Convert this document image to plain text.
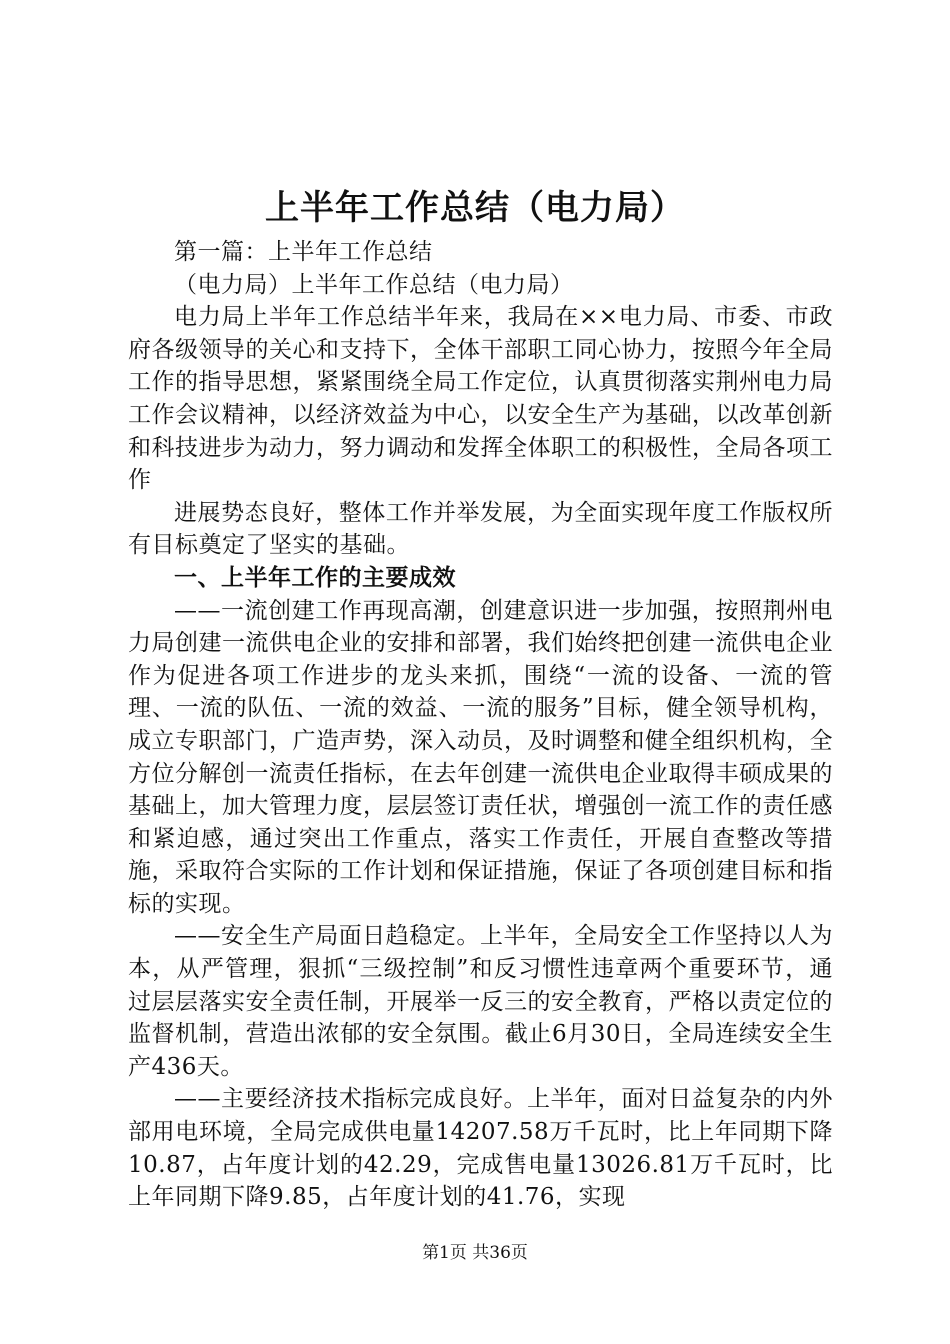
上半年工作总结（电力局）

第一篇：上半年工作总结

（电力局）上半年工作总结（电力局）

电力局上半年工作总结半年来，我局在××电力局、市委、市政府各级领导的关心和支持下，全体干部职工同心协力，按照今年全局工作的指导思想，紧紧围绕全局工作定位，认真贯彻落实荆州电力局工作会议精神，以经济效益为中心，以安全生产为基础，以改革创新和科技进步为动力，努力调动和发挥全体职工的积极性，全局各项工作

进展势态良好，整体工作并举发展，为全面实现年度工作版权所有目标奠定了坚实的基础。

一、上半年工作的主要成效

——一流创建工作再现高潮，创建意识进一步加强，按照荆州电力局创建一流供电企业的安排和部署，我们始终把创建一流供电企业作为促进各项工作进步的龙头来抓，围绕“一流的设备、一流的管理、一流的队伍、一流的效益、一流的服务”目标，健全领导机构，成立专职部门，广造声势，深入动员，及时调整和健全组织机构，全方位分解创一流责任指标，在去年创建一流供电企业取得丰硕成果的基础上，加大管理力度，层层签订责任状，增强创一流工作的责任感和紧迫感，通过突出工作重点，落实工作责任，开展自查整改等措施，采取符合实际的工作计划和保证措施，保证了各项创建目标和指标的实现。

——安全生产局面日趋稳定。上半年，全局安全工作坚持以人为本，从严管理，狠抓“三级控制”和反习惯性违章两个重要环节，通过层层落实安全责任制，开展举一反三的安全教育，严格以责定位的监督机制，营造出浓郁的安全氛围。截止6月30日，全局连续安全生产436天。

——主要经济技术指标完成良好。上半年，面对日益复杂的内外部用电环境，全局完成供电量14207.58万千瓦时，比上年同期下降10.87，占年度计划的42.29，完成售电量13026.81万千瓦时，比上年同期下降9.85，占年度计划的41.76，实现

第1页 共36页
